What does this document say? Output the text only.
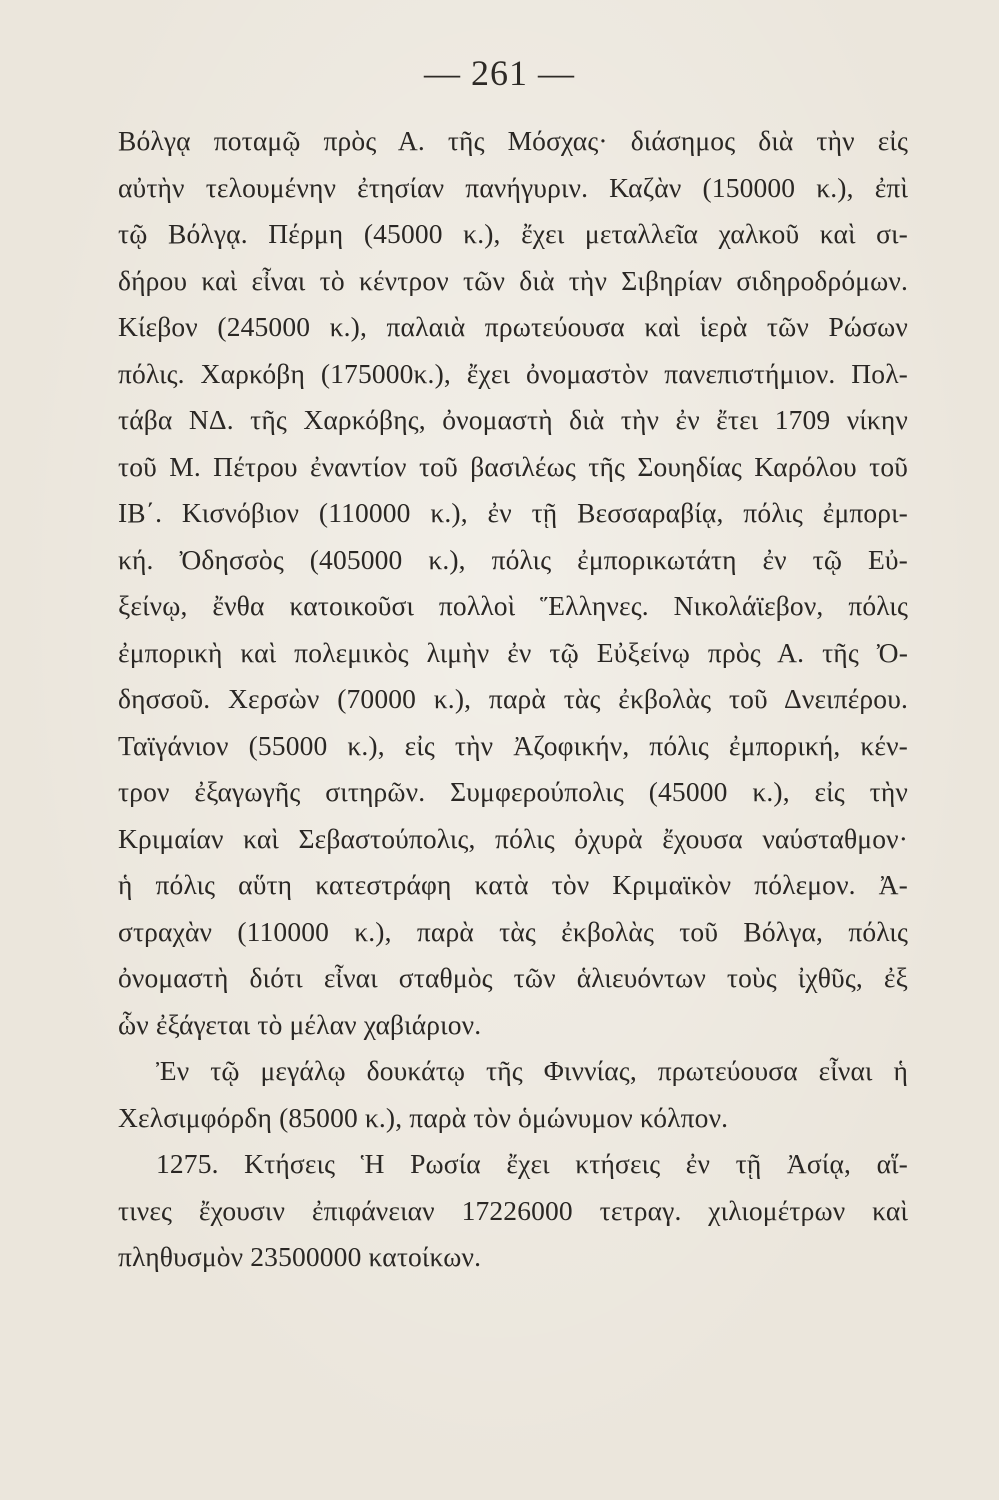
— 261 —
Βόλγᾳ ποταμῷ πρὸς Α. τῆς Μόσχας· διάσημος διὰ τὴν εἰς
αὐτὴν τελουμένην ἐτησίαν πανήγυριν. Καζὰν (150000 κ.), ἐπὶ
τῷ Βόλγᾳ. Πέρμη (45000 κ.), ἔχει μεταλλεῖα χαλκοῦ καὶ σι-
δήρου καὶ εἶναι τὸ κέντρον τῶν διὰ τὴν Σιβηρίαν σιδηροδρόμων.
Κίεβον (245000 κ.), παλαιὰ πρωτεύουσα καὶ ἱερὰ τῶν Ρώσων
πόλις. Χαρκόβη (175000κ.), ἔχει ὀνομαστὸν πανεπιστήμιον. Πολ-
τάβα ΝΔ. τῆς Χαρκόβης, ὀνομαστὴ διὰ τὴν ἐν ἔτει 1709 νίκην
τοῦ Μ. Πέτρου ἐναντίον τοῦ βασιλέως τῆς Σουηδίας Καρόλου τοῦ
ΙΒ΄. Κισνόβιον (110000 κ.), ἐν τῇ Βεσσαραβίᾳ, πόλις ἐμπορι-
κή. Ὀδησσὸς (405000 κ.), πόλις ἐμπορικωτάτη ἐν τῷ Εὐ-
ξείνῳ, ἔνθα κατοικοῦσι πολλοὶ Ἕλληνες. Νικολάϊεβον, πόλις
ἐμπορικὴ καὶ πολεμικὸς λιμὴν ἐν τῷ Εὐξείνῳ πρὸς Α. τῆς Ὀ-
δησσοῦ. Χερσὼν (70000 κ.), παρὰ τὰς ἐκβολὰς τοῦ Δνειπέρου.
Ταϊγάνιον (55000 κ.), εἰς τὴν Ἀζοφικήν, πόλις ἐμπορική, κέν-
τρον ἐξαγωγῆς σιτηρῶν. Συμφερούπολις (45000 κ.), εἰς τὴν
Κριμαίαν καὶ Σεβαστούπολις, πόλις ὀχυρὰ ἔχουσα ναύσταθμον·
ἡ πόλις αὕτη κατεστράφη κατὰ τὸν Κριμαϊκὸν πόλεμον. Ἀ-
στραχὰν (110000 κ.), παρὰ τὰς ἐκβολὰς τοῦ Βόλγα, πόλις
ὀνομαστὴ διότι εἶναι σταθμὸς τῶν ἁλιευόντων τοὺς ἰχθῦς, ἐξ
ὧν ἐξάγεται τὸ μέλαν χαβιάριον.
Ἐν τῷ μεγάλῳ δουκάτῳ τῆς Φιννίας, πρωτεύουσα εἶναι ἡ
Χελσιμφόρδη (85000 κ.), παρὰ τὸν ὁμώνυμον κόλπον.
1275. Κτήσεις Ἡ Ρωσία ἔχει κτήσεις ἐν τῇ Ἀσίᾳ, αἵ-
τινες ἔχουσιν ἐπιφάνειαν 17226000 τετραγ. χιλιομέτρων καὶ
πληθυσμὸν 23500000 κατοίκων.
